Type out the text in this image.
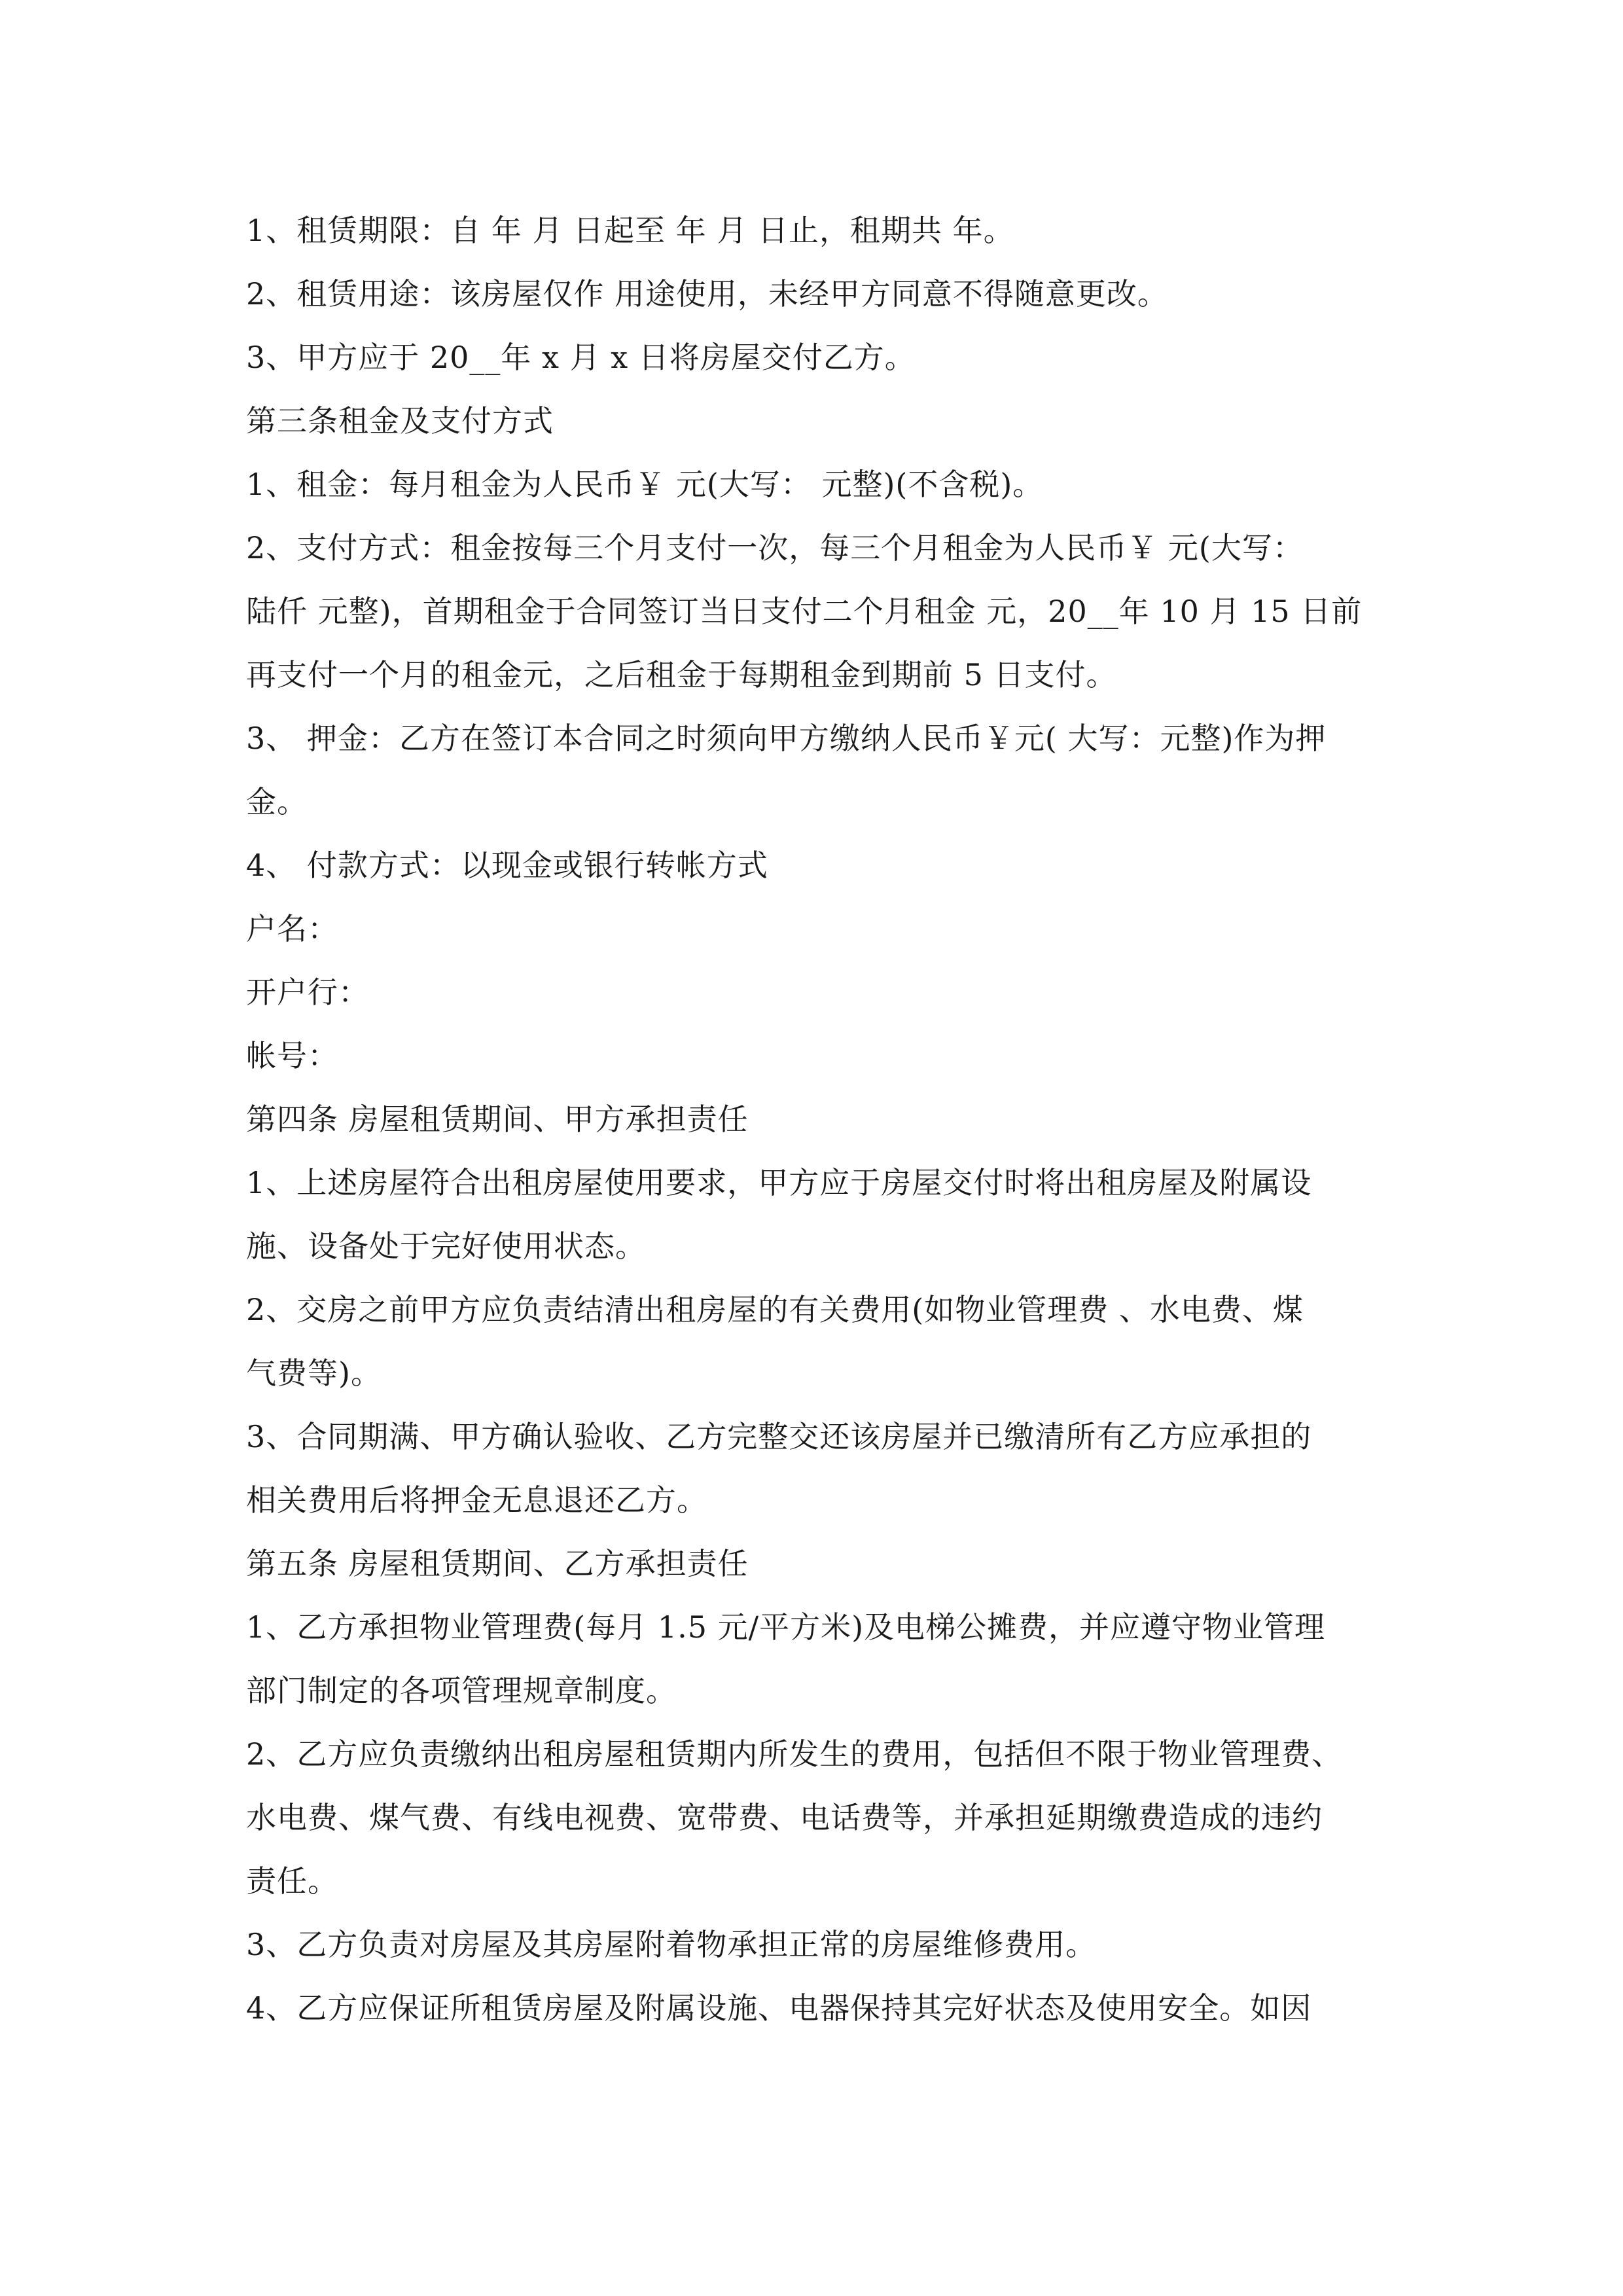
1、租赁期限：自 年 月 日起至 年 月 日止，租期共 年。
2、租赁用途：该房屋仅作 用途使用，未经甲方同意不得随意更改。
3、甲方应于 20__年 x 月 x 日将房屋交付乙方。
第三条租金及支付方式
1、租金：每月租金为人民币￥ 元(大写： 元整)(不含税)。
2、支付方式：租金按每三个月支付一次，每三个月租金为人民币￥ 元(大写：
陆仟 元整)，首期租金于合同签订当日支付二个月租金 元，20__年 10 月 15 日前
再支付一个月的租金元，之后租金于每期租金到期前 5 日支付。
3、 押金：乙方在签订本合同之时须向甲方缴纳人民币￥元( 大写：元整)作为押
金。
4、 付款方式：以现金或银行转帐方式
户名：
开户行：
帐号：
第四条 房屋租赁期间、甲方承担责任
1、上述房屋符合出租房屋使用要求，甲方应于房屋交付时将出租房屋及附属设
施、设备处于完好使用状态。
2、交房之前甲方应负责结清出租房屋的有关费用(如物业管理费 、水电费、煤
气费等)。
3、合同期满、甲方确认验收、乙方完整交还该房屋并已缴清所有乙方应承担的
相关费用后将押金无息退还乙方。
第五条 房屋租赁期间、乙方承担责任
1、乙方承担物业管理费(每月 1.5 元/平方米)及电梯公摊费，并应遵守物业管理
部门制定的各项管理规章制度。
2、乙方应负责缴纳出租房屋租赁期内所发生的费用，包括但不限于物业管理费、
水电费、煤气费、有线电视费、宽带费、电话费等，并承担延期缴费造成的违约
责任。
3、乙方负责对房屋及其房屋附着物承担正常的房屋维修费用。
4、乙方应保证所租赁房屋及附属设施、电器保持其完好状态及使用安全。如因
